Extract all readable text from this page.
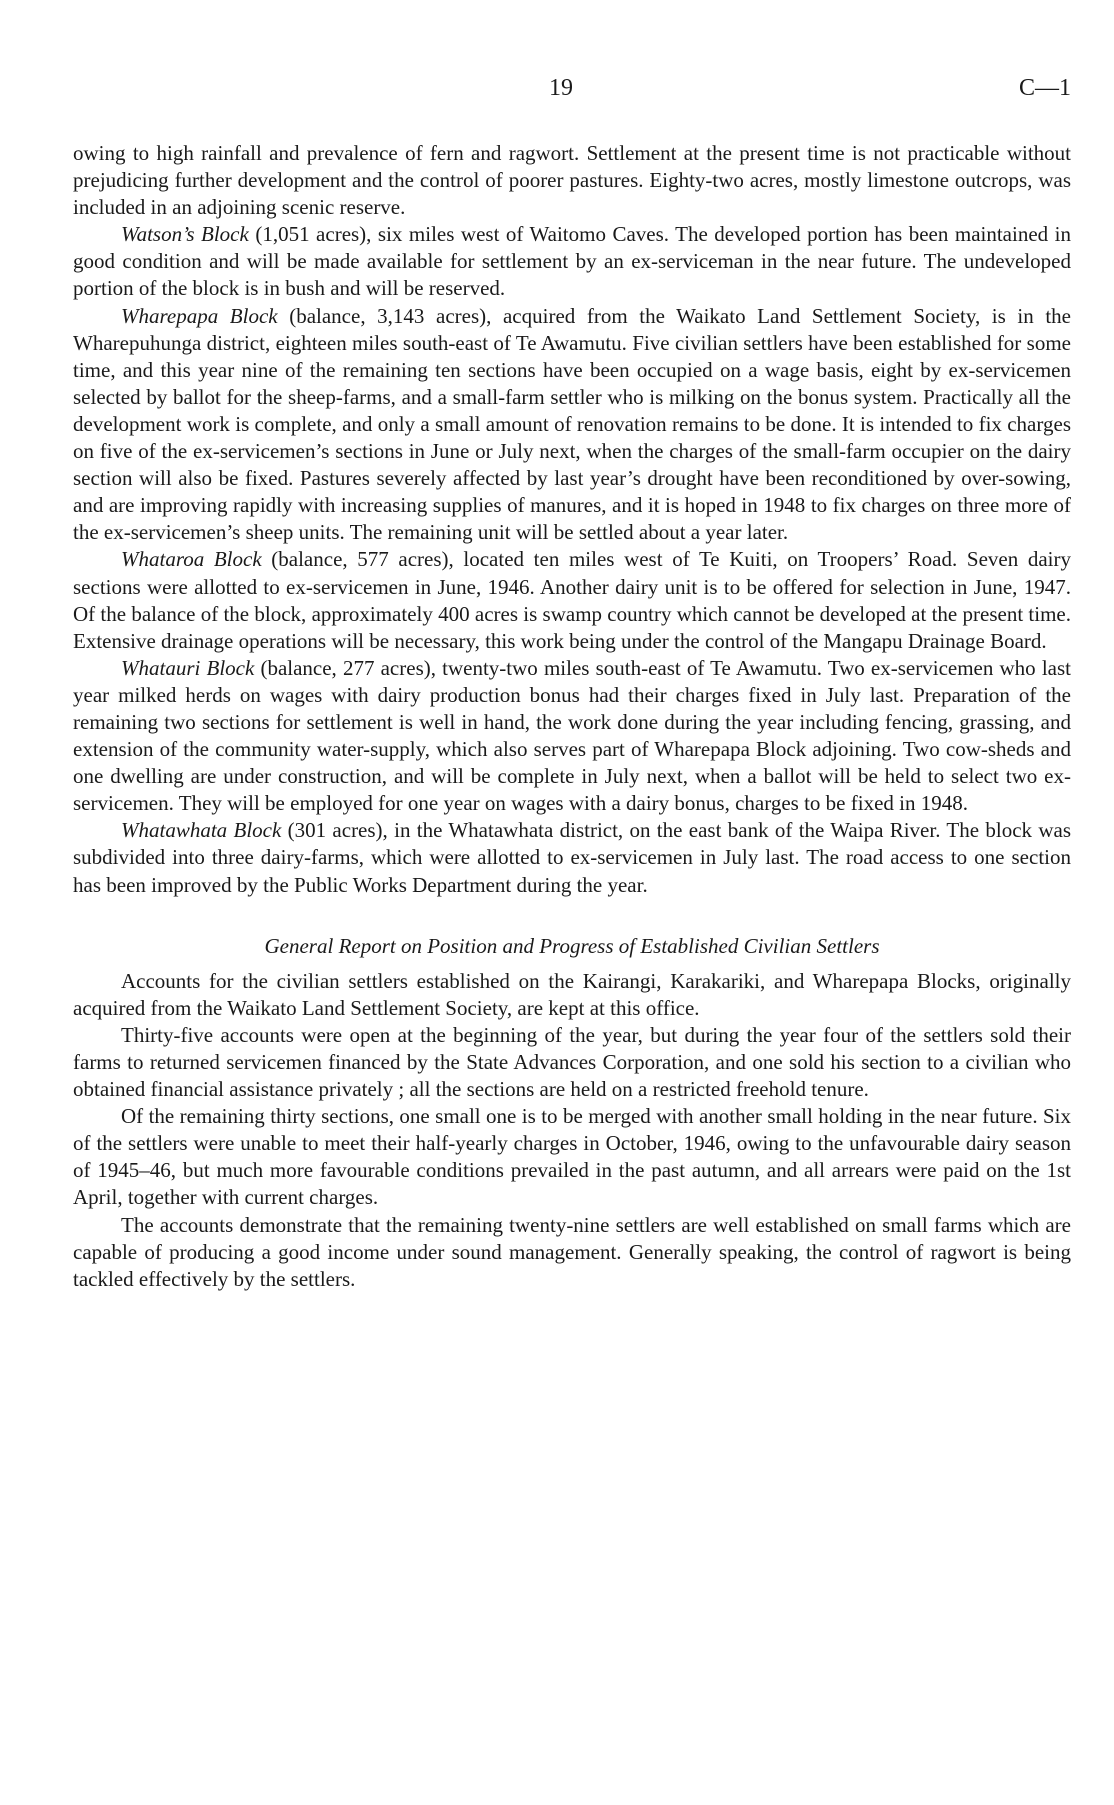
19	C—1

owing to high rainfall and prevalence of fern and ragwort. Settlement at the present time is not practicable without prejudicing further development and the control of poorer pastures. Eighty-two acres, mostly limestone outcrops, was included in an adjoining scenic reserve.

Watson’s Block (1,051 acres), six miles west of Waitomo Caves. The developed portion has been maintained in good condition and will be made available for settlement by an ex-serviceman in the near future. The undeveloped portion of the block is in bush and will be reserved.

Wharepapa Block (balance, 3,143 acres), acquired from the Waikato Land Settlement Society, is in the Wharepuhunga district, eighteen miles south-east of Te Awamutu. Five civilian settlers have been established for some time, and this year nine of the remaining ten sections have been occupied on a wage basis, eight by ex-servicemen selected by ballot for the sheep-farms, and a small-farm settler who is milking on the bonus system. Practically all the development work is complete, and only a small amount of renovation remains to be done. It is intended to fix charges on five of the ex-servicemen’s sections in June or July next, when the charges of the small-farm occupier on the dairy section will also be fixed. Pastures severely affected by last year’s drought have been reconditioned by over-sowing, and are improving rapidly with increasing supplies of manures, and it is hoped in 1948 to fix charges on three more of the ex-servicemen’s sheep units. The remaining unit will be settled about a year later.

Whataroa Block (balance, 577 acres), located ten miles west of Te Kuiti, on Troopers’ Road. Seven dairy sections were allotted to ex-servicemen in June, 1946. Another dairy unit is to be offered for selection in June, 1947. Of the balance of the block, approximately 400 acres is swamp country which cannot be developed at the present time. Extensive drainage operations will be necessary, this work being under the control of the Mangapu Drainage Board.

Whatauri Block (balance, 277 acres), twenty-two miles south-east of Te Awamutu. Two ex-servicemen who last year milked herds on wages with dairy production bonus had their charges fixed in July last. Preparation of the remaining two sections for settlement is well in hand, the work done during the year including fencing, grassing, and extension of the community water-supply, which also serves part of Wharepapa Block adjoining. Two cow-sheds and one dwelling are under construction, and will be complete in July next, when a ballot will be held to select two ex-servicemen. They will be employed for one year on wages with a dairy bonus, charges to be fixed in 1948.

Whatawhata Block (301 acres), in the Whatawhata district, on the east bank of the Waipa River. The block was subdivided into three dairy-farms, which were allotted to ex-servicemen in July last. The road access to one section has been improved by the Public Works Department during the year.

General Report on Position and Progress of Established Civilian Settlers

Accounts for the civilian settlers established on the Kairangi, Karakariki, and Wharepapa Blocks, originally acquired from the Waikato Land Settlement Society, are kept at this office.

Thirty-five accounts were open at the beginning of the year, but during the year four of the settlers sold their farms to returned servicemen financed by the State Advances Corporation, and one sold his section to a civilian who obtained financial assistance privately ; all the sections are held on a restricted freehold tenure.

Of the remaining thirty sections, one small one is to be merged with another small holding in the near future. Six of the settlers were unable to meet their half-yearly charges in October, 1946, owing to the unfavourable dairy season of 1945–46, but much more favourable conditions prevailed in the past autumn, and all arrears were paid on the 1st April, together with current charges.

The accounts demonstrate that the remaining twenty-nine settlers are well established on small farms which are capable of producing a good income under sound management. Generally speaking, the control of ragwort is being tackled effectively by the settlers.
